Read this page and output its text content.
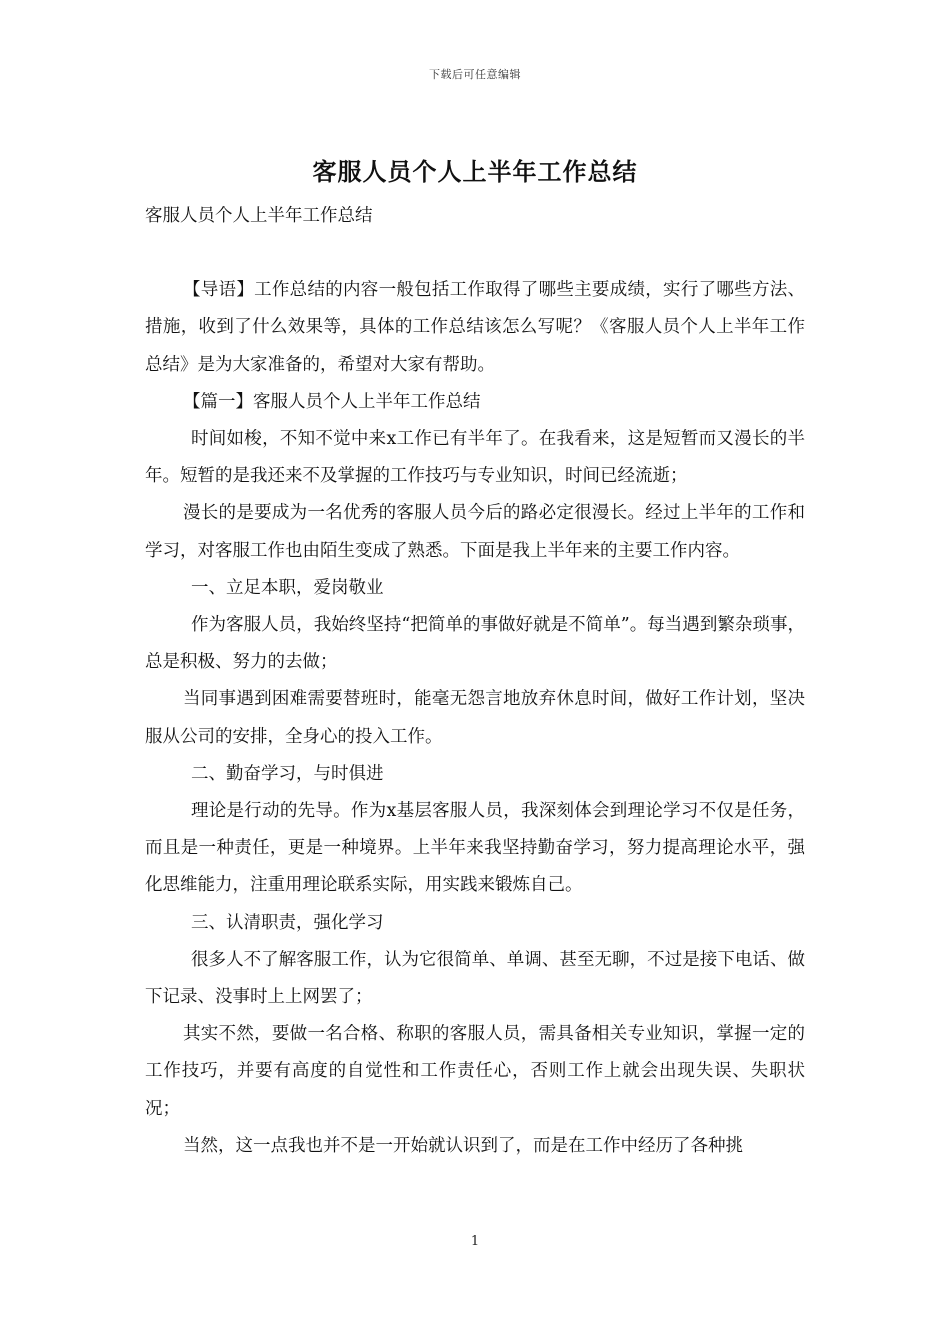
下载后可任意编辑
客服人员个人上半年工作总结

客服人员个人上半年工作总结

【导语】工作总结的内容一般包括工作取得了哪些主要成绩，实行了哪些方法、措施，收到了什么效果等，具体的工作总结该怎么写呢？《客服人员个人上半年工作总结》是为大家准备的，希望对大家有帮助。

【篇一】客服人员个人上半年工作总结

时间如梭，不知不觉中来x工作已有半年了。在我看来，这是短暂而又漫长的半年。短暂的是我还来不及掌握的工作技巧与专业知识，时间已经流逝；

漫长的是要成为一名优秀的客服人员今后的路必定很漫长。经过上半年的工作和学习，对客服工作也由陌生变成了熟悉。下面是我上半年来的主要工作内容。

一、立足本职，爱岗敬业

作为客服人员，我始终坚持“把简单的事做好就是不简单”。每当遇到繁杂琐事，总是积极、努力的去做；

当同事遇到困难需要替班时，能毫无怨言地放弃休息时间，做好工作计划，坚决服从公司的安排，全身心的投入工作。

二、勤奋学习，与时俱进

理论是行动的先导。作为x基层客服人员，我深刻体会到理论学习不仅是任务，而且是一种责任，更是一种境界。上半年来我坚持勤奋学习，努力提高理论水平，强化思维能力，注重用理论联系实际，用实践来锻炼自己。

三、认清职责，强化学习

很多人不了解客服工作，认为它很简单、单调、甚至无聊，不过是接下电话、做下记录、没事时上上网罢了；

其实不然，要做一名合格、称职的客服人员，需具备相关专业知识，掌握一定的工作技巧，并要有高度的自觉性和工作责任心，否则工作上就会出现失误、失职状况；

当然，这一点我也并不是一开始就认识到了，而是在工作中经历了各种挑

1
